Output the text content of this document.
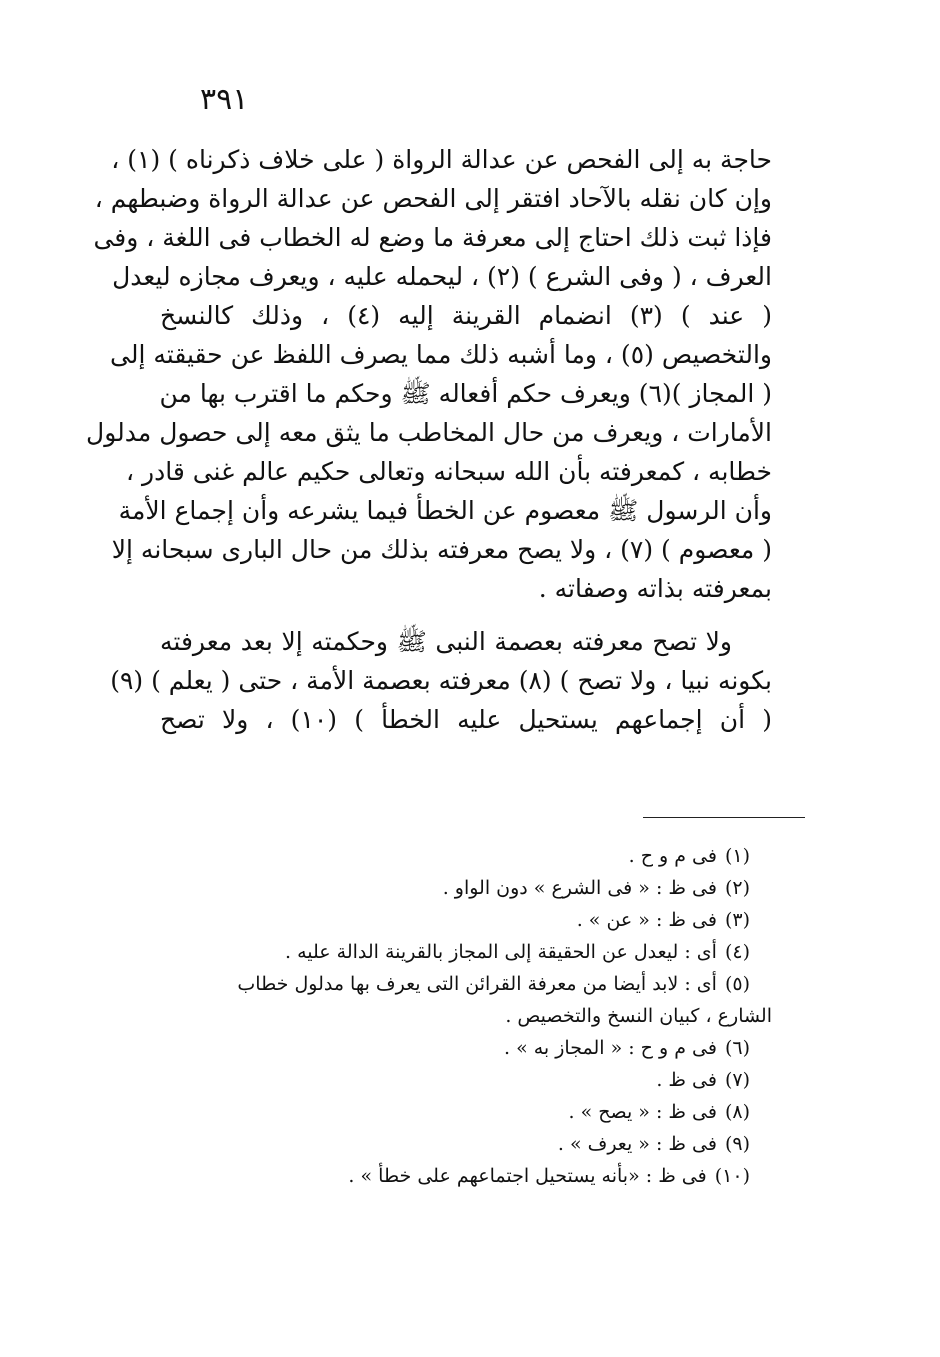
٣٩١
حاجة به إلى الفحص عن عدالة الرواة ( على خلاف ذكرناه ) (١) ،
وإن كان نقله بالآحاد افتقر إلى الفحص عن عدالة الرواة وضبطهم ،
فإذا ثبت ذلك احتاج إلى معرفة ما وضع له الخطاب فى اللغة ، وفى
العرف ، ( وفى الشرع ) (٢) ، ليحمله عليه ، ويعرف مجازه ليعدل
( عند ) (٣) انضمام القرينة إليه (٤) ، وذلك كالنسخ
والتخصيص (٥) ، وما أشبه ذلك مما يصرف اللفظ عن حقيقته إلى
( المجاز )(٦) ويعرف حكم أفعاله ﷺ وحكم ما اقترب بها من
الأمارات ، ويعرف من حال المخاطب ما يثق معه إلى حصول مدلول
خطابه ، كمعرفته بأن الله سبحانه وتعالى حكيم عالم غنى قادر ،
وأن الرسول ﷺ معصوم عن الخطأ فيما يشرعه وأن إجماع الأمة
( معصوم ) (٧) ، ولا يصح معرفته بذلك من حال البارى سبحانه إلا
بمعرفته بذاته وصفاته .
ولا تصح معرفته بعصمة النبى ﷺ وحكمته إلا بعد معرفته
بكونه نبيا ، ولا تصح ) (٨) معرفته بعصمة الأمة ، حتى ( يعلم ) (٩)
( أن إجماعهم يستحيل عليه الخطأ ) (١٠) ، ولا تصح
(١)فى م و ح .
(٢)فى ظ : « فى الشرع » دون الواو .
(٣)فى ظ : « عن » .
(٤)أى : ليعدل عن الحقيقة إلى المجاز بالقرينة الدالة عليه .
(٥)أى : لابد أيضا من معرفة القرائن التى يعرف بها مدلول خطاب
الشارع ، كبيان النسخ والتخصيص .
(٦)فى م و ح : « المجاز به » .
(٧)فى ظ .
(٨)فى ظ : « يصح » .
(٩)فى ظ : « يعرف » .
(١٠)فى ظ : «بأنه يستحيل اجتماعهم على خطأ » .
